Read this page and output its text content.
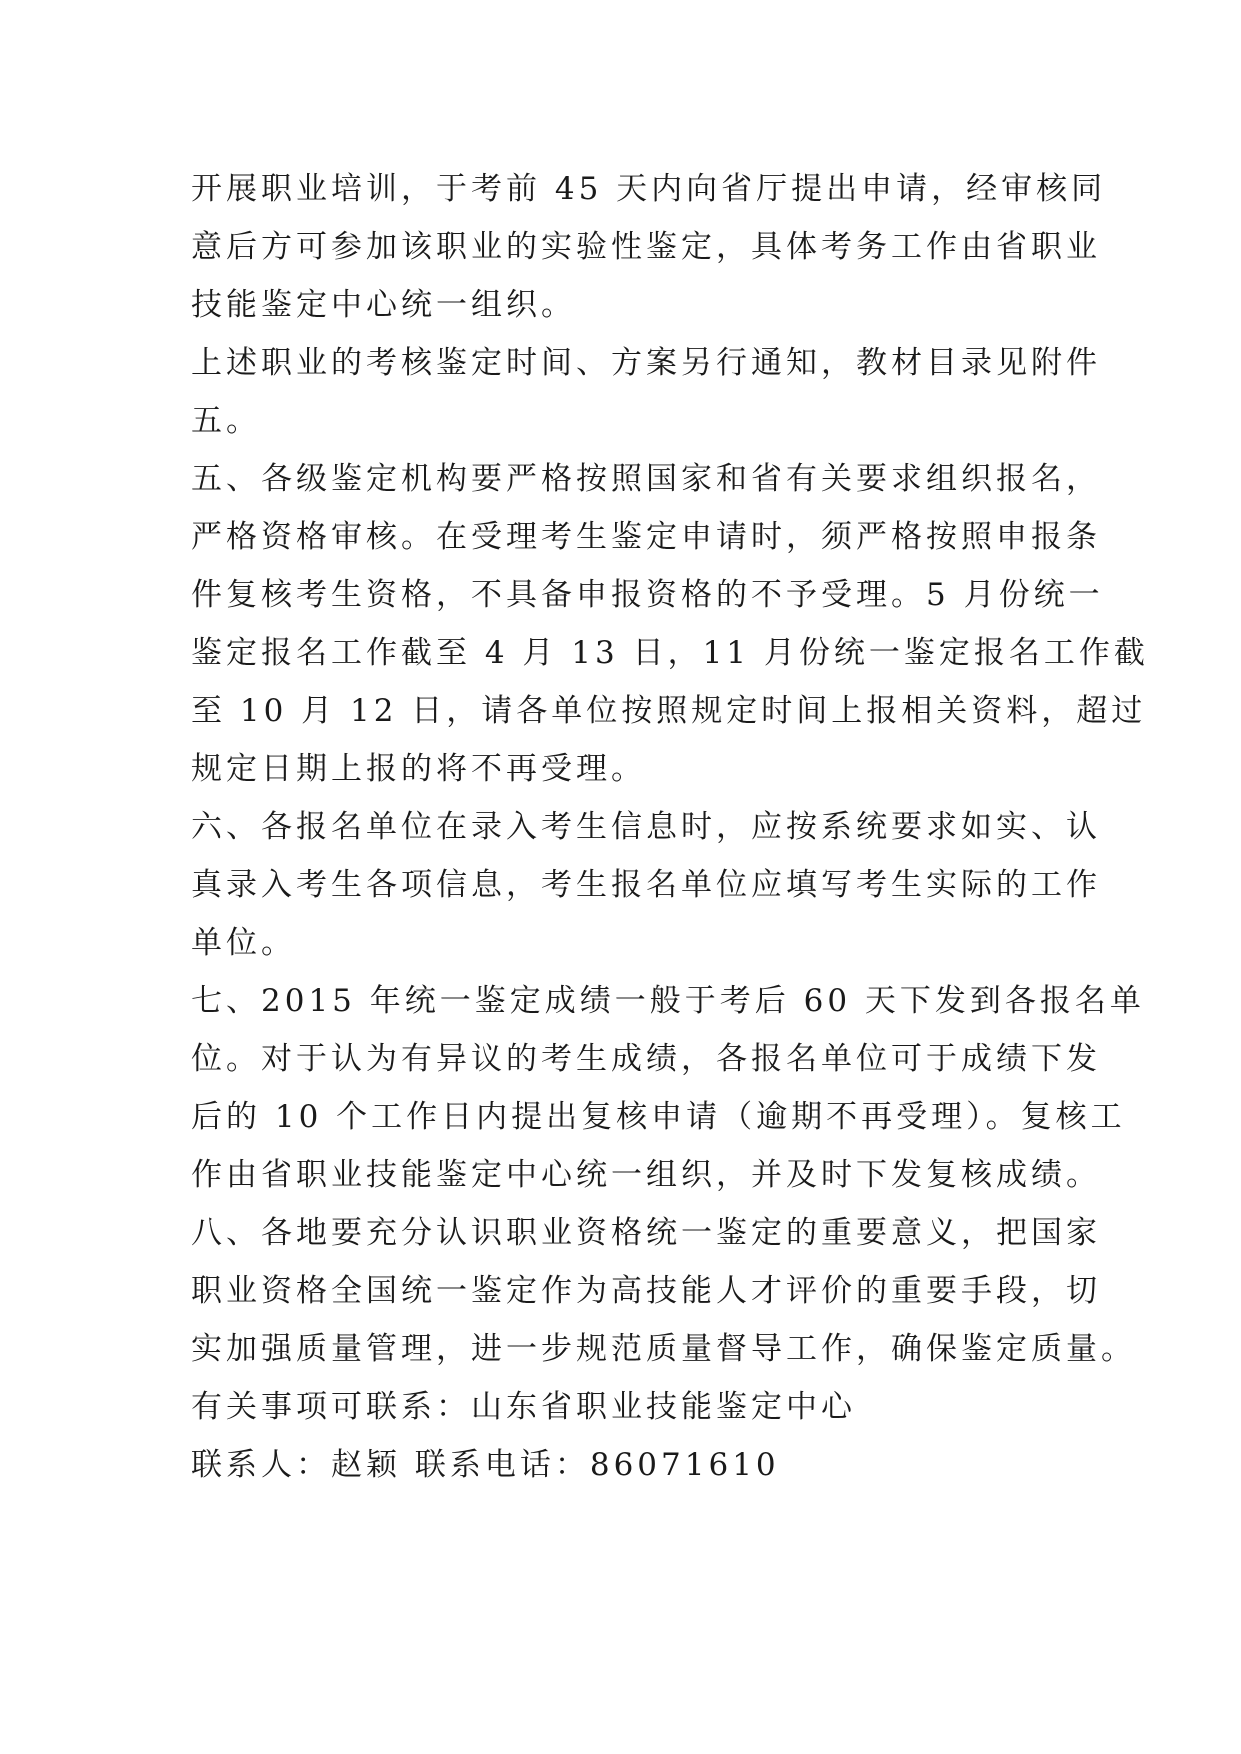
开展职业培训，于考前 45 天内向省厅提出申请，经审核同
意后方可参加该职业的实验性鉴定，具体考务工作由省职业
技能鉴定中心统一组织。
上述职业的考核鉴定时间、方案另行通知，教材目录见附件
五。
五、各级鉴定机构要严格按照国家和省有关要求组织报名，
严格资格审核。在受理考生鉴定申请时，须严格按照申报条
件复核考生资格，不具备申报资格的不予受理。5 月份统一
鉴定报名工作截至 4 月 13 日，11 月份统一鉴定报名工作截
至 10 月 12 日，请各单位按照规定时间上报相关资料，超过
规定日期上报的将不再受理。
六、各报名单位在录入考生信息时，应按系统要求如实、认
真录入考生各项信息，考生报名单位应填写考生实际的工作
单位。
七、2015 年统一鉴定成绩一般于考后 60 天下发到各报名单
位。对于认为有异议的考生成绩，各报名单位可于成绩下发
后的 10 个工作日内提出复核申请（逾期不再受理）。复核工
作由省职业技能鉴定中心统一组织，并及时下发复核成绩。
八、各地要充分认识职业资格统一鉴定的重要意义，把国家
职业资格全国统一鉴定作为高技能人才评价的重要手段，切
实加强质量管理，进一步规范质量督导工作，确保鉴定质量。
有关事项可联系：山东省职业技能鉴定中心
联系人：赵颖 联系电话：86071610
